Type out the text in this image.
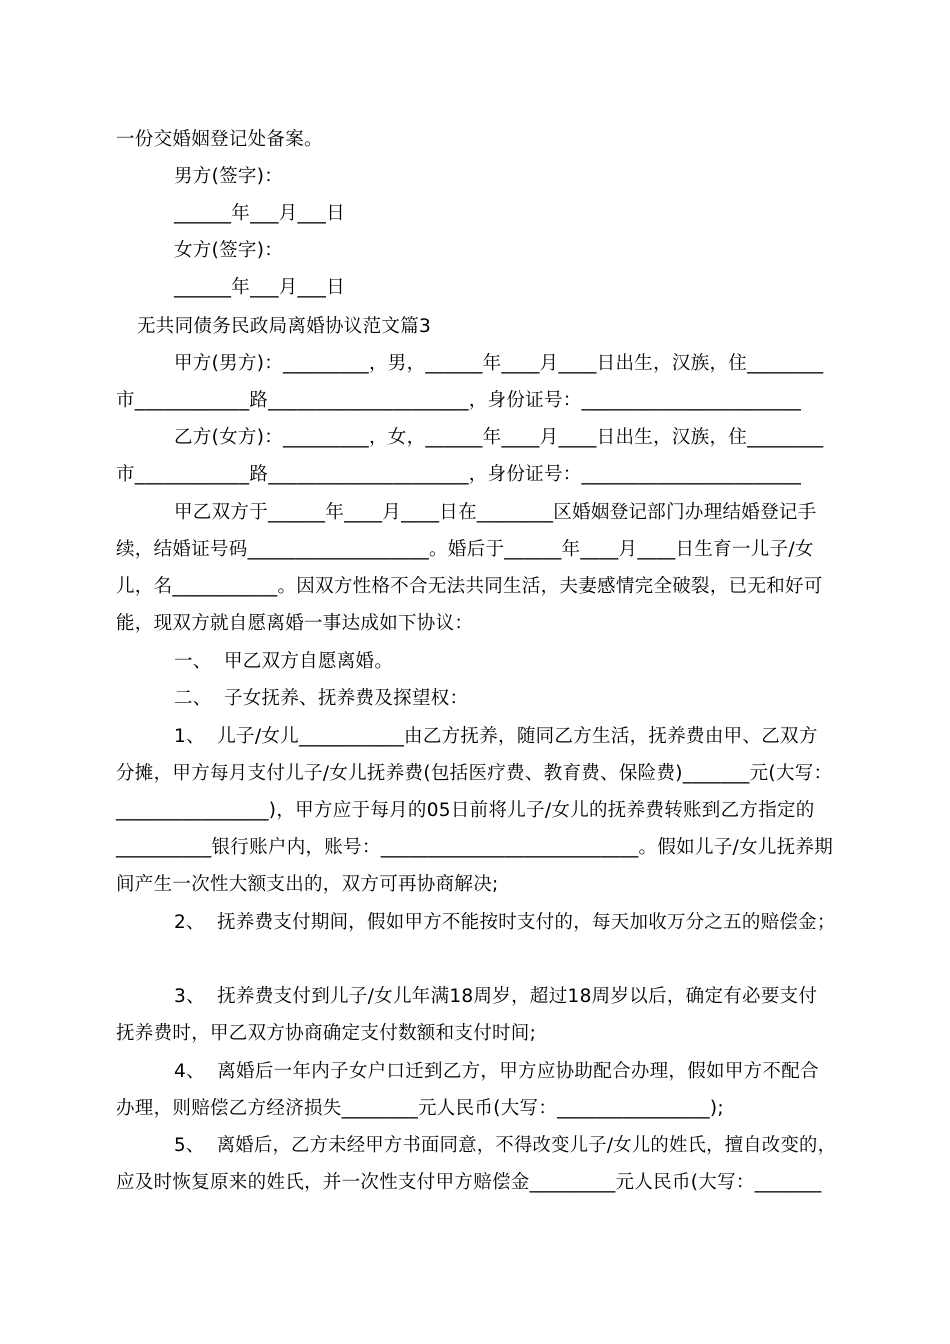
一份交婚姻登记处备案。
男方(签字)：
______年___月___日
女方(签字)：
______年___月___日
无共同债务民政局离婚协议范文篇3
甲方(男方)：_________，男，______年____月____日出生，汉族，住________
市____________路_____________________，身份证号：_______________________
乙方(女方)：_________，女，______年____月____日出生，汉族，住________
市____________路_____________________，身份证号：_______________________
甲乙双方于______年____月____日在________区婚姻登记部门办理结婚登记手
续，结婚证号码___________________。婚后于______年____月____日生育一儿子/女
儿，名___________。因双方性格不合无法共同生活，夫妻感情完全破裂，已无和好可
能，现双方就自愿离婚一事达成如下协议：
一、  甲乙双方自愿离婚。
二、  子女抚养、抚养费及探望权：
1、  儿子/女儿___________由乙方抚养，随同乙方生活，抚养费由甲、乙双方
分摊，甲方每月支付儿子/女儿抚养费(包括医疗费、教育费、保险费)_______元(大写：
________________)，甲方应于每月的05日前将儿子/女儿的抚养费转账到乙方指定的
__________银行账户内，账号：___________________________。假如儿子/女儿抚养期
间产生一次性大额支出的，双方可再协商解决;
2、  抚养费支付期间，假如甲方不能按时支付的，每天加收万分之五的赔偿金；
3、  抚养费支付到儿子/女儿年满18周岁，超过18周岁以后，确定有必要支付
抚养费时，甲乙双方协商确定支付数额和支付时间;
4、  离婚后一年内子女户口迁到乙方，甲方应协助配合办理，假如甲方不配合
办理，则赔偿乙方经济损失________元人民币(大写：________________);
5、  离婚后，乙方未经甲方书面同意，不得改变儿子/女儿的姓氏，擅自改变的，
应及时恢复原来的姓氏，并一次性支付甲方赔偿金_________元人民币(大写：_______
